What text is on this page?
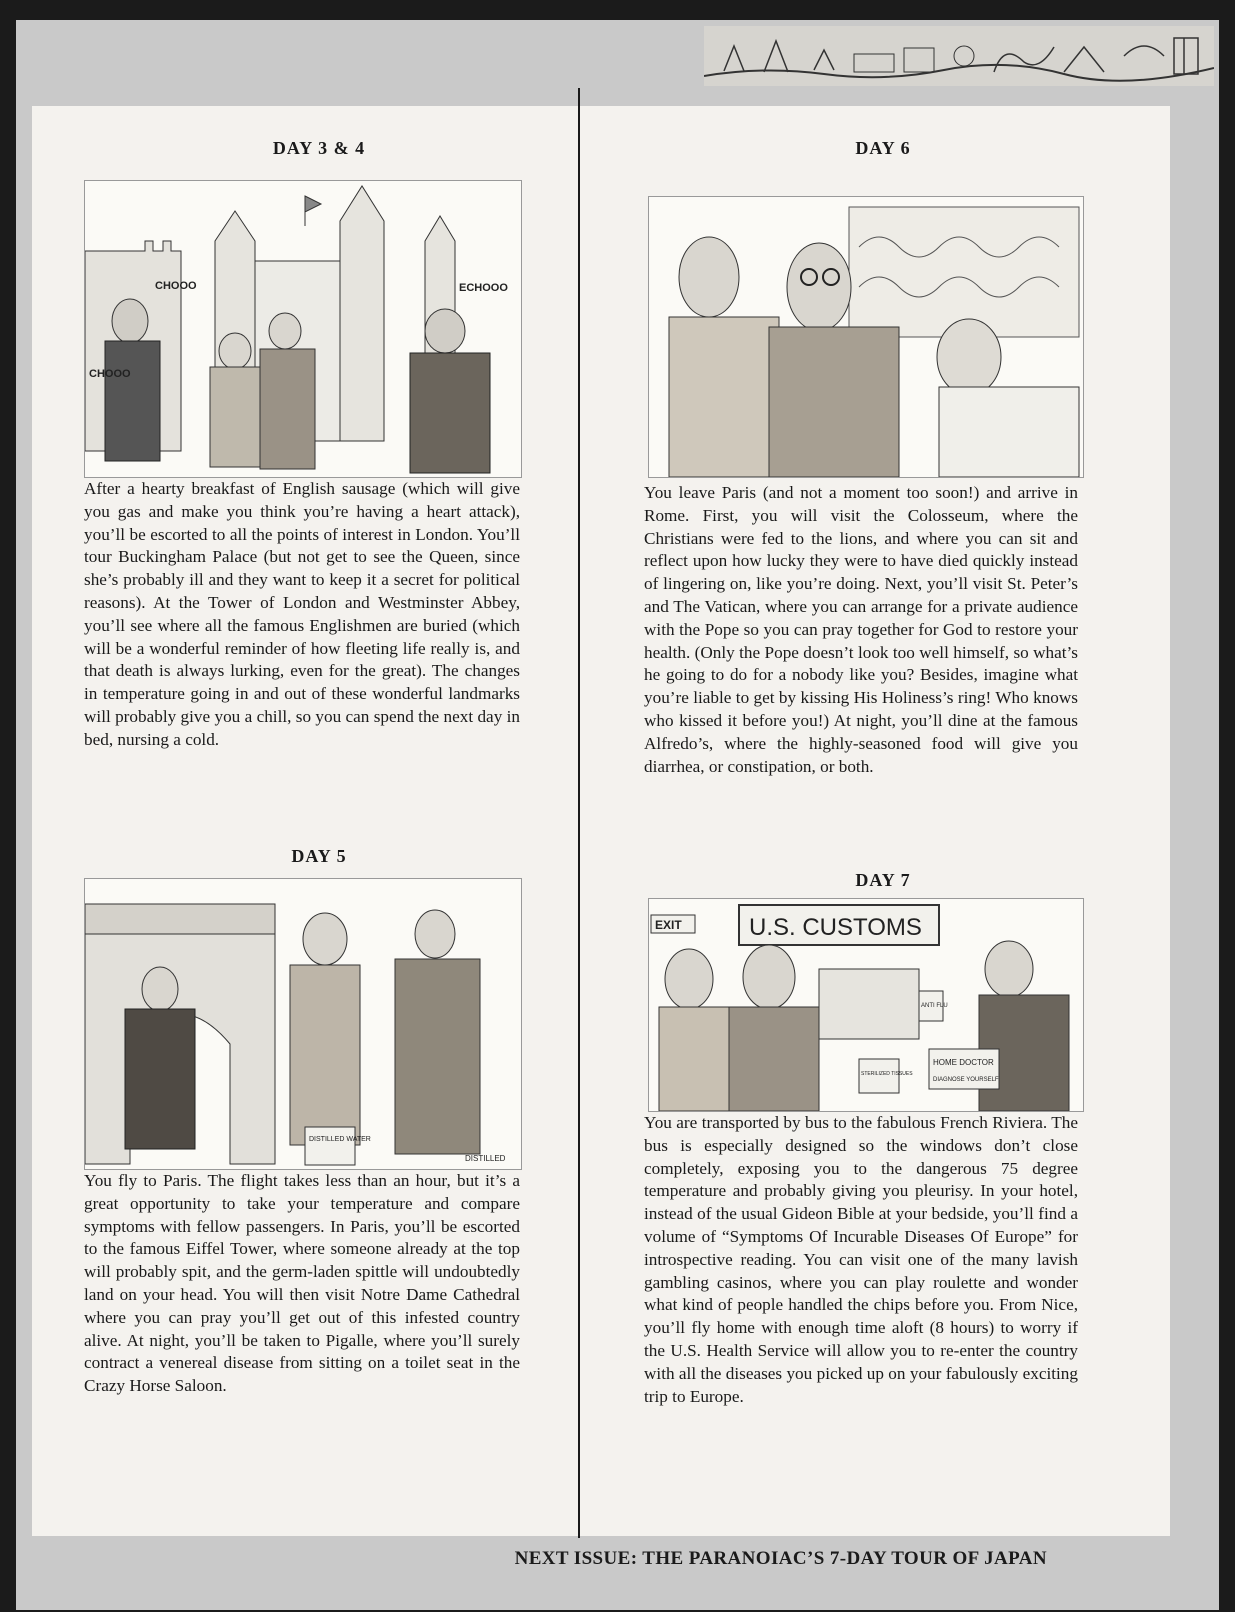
DAY 3 & 4
CHOOO
CHOOO
ECHOOO

After a hearty breakfast of English sausage (which will give you gas and make you think you’re having a heart attack), you’ll be escorted to all the points of interest in London. You’ll tour Buckingham Palace (but not get to see the Queen, since she’s probably ill and they want to keep it a secret for political reasons). At the Tower of London and Westminster Abbey, you’ll see where all the famous Englishmen are buried (which will be a wonderful reminder of how fleeting life really is, and that death is always lurking, even for the great). The changes in temperature going in and out of these wonderful landmarks will probably give you a chill, so you can spend the next day in bed, nursing a cold.

DAY 5
DISTILLED WATER
DISTILLED

You fly to Paris. The flight takes less than an hour, but it’s a great opportunity to take your temperature and compare symptoms with fellow passengers. In Paris, you’ll be escorted to the famous Eiffel Tower, where someone already at the top will probably spit, and the germ-laden spittle will undoubtedly land on your head. You will then visit Notre Dame Cathedral where you can pray you’ll get out of this infested country alive. At night, you’ll be taken to Pigalle, where you’ll surely contract a venereal disease from sitting on a toilet seat in the Crazy Horse Saloon.

DAY 6

You leave Paris (and not a moment too soon!) and arrive in Rome. First, you will visit the Colosseum, where the Christians were fed to the lions, and where you can sit and reflect upon how lucky they were to have died quickly instead of lingering on, like you’re doing. Next, you’ll visit St. Peter’s and The Vatican, where you can arrange for a private audience with the Pope so you can pray together for God to restore your health. (Only the Pope doesn’t look too well himself, so what’s he going to do for a nobody like you? Besides, imagine what you’re liable to get by kissing His Holiness’s ring! Who knows who kissed it before you!) At night, you’ll dine at the famous Alfredo’s, where the highly-seasoned food will give you diarrhea, or constipation, or both.

DAY 7
EXIT	U.S. CUSTOMS
HOME DOCTOR
DIAGNOSE YOURSELF
ANTI FLU
STERILIZED TISSUES

You are transported by bus to the fabulous French Riviera. The bus is especially designed so the windows don’t close completely, exposing you to the dangerous 75 degree temperature and probably giving you pleurisy. In your hotel, instead of the usual Gideon Bible at your bedside, you’ll find a volume of “Symptoms Of Incurable Diseases Of Europe” for introspective reading. You can visit one of the many lavish gambling casinos, where you can play roulette and wonder what kind of people handled the chips before you. From Nice, you’ll fly home with enough time aloft (8 hours) to worry if the U.S. Health Service will allow you to re-enter the country with all the diseases you picked up on your fabulously exciting trip to Europe.

NEXT ISSUE: THE PARANOIAC’S 7-DAY TOUR OF JAPAN
